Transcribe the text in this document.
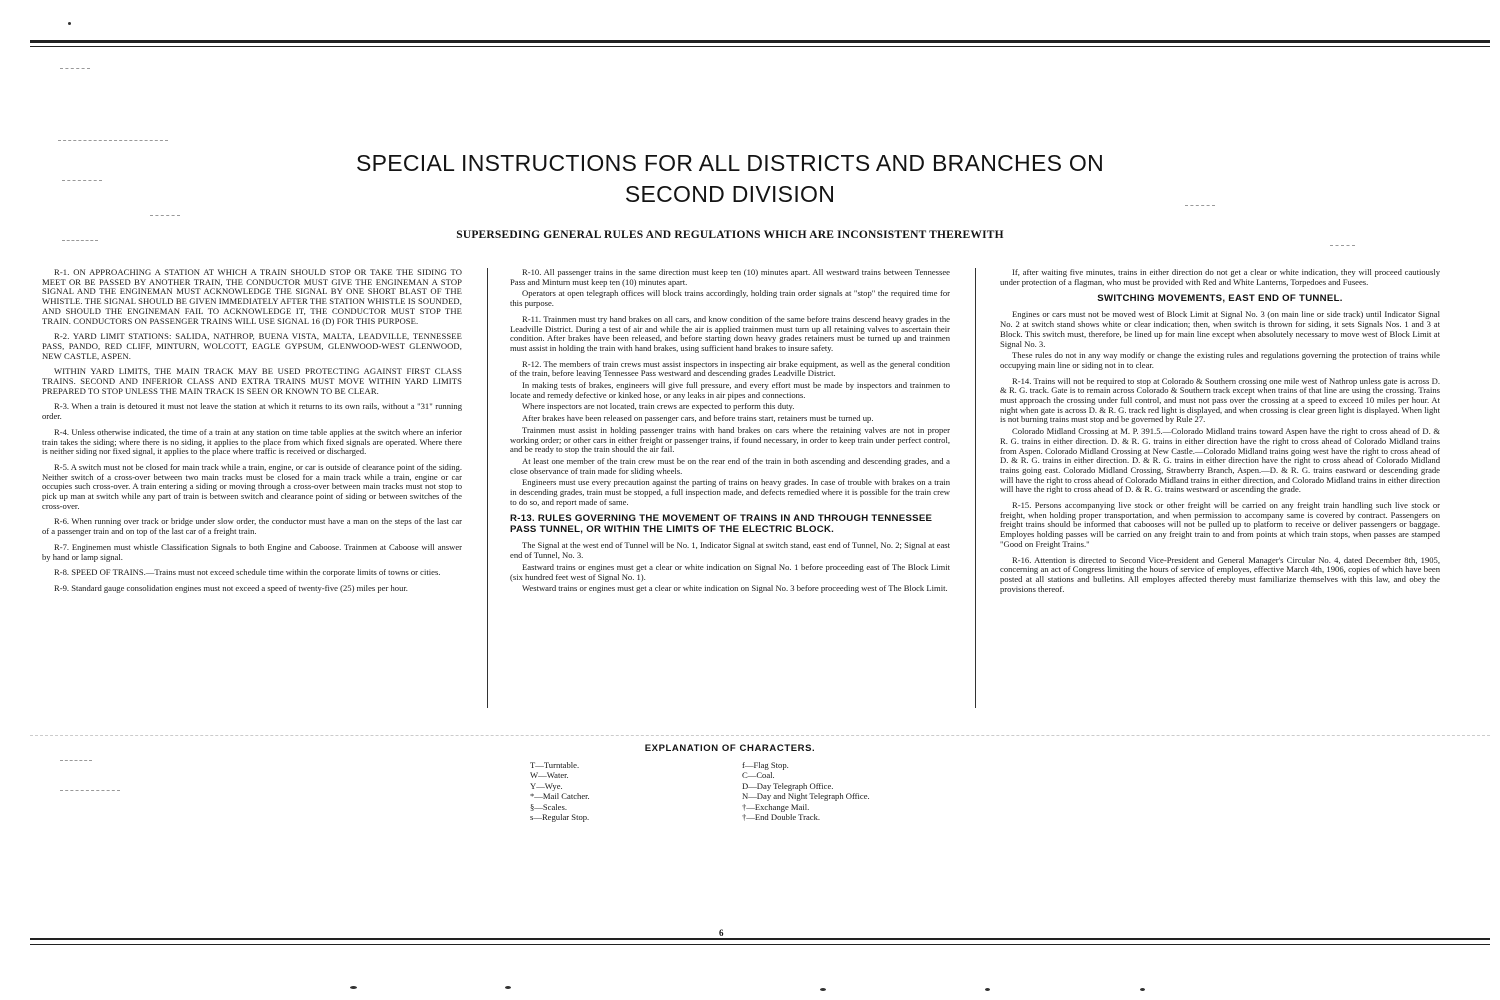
SPECIAL INSTRUCTIONS FOR ALL DISTRICTS AND BRANCHES ON
SECOND DIVISION
SUPERSEDING GENERAL RULES AND REGULATIONS WHICH ARE INCONSISTENT THEREWITH

R-1. ON APPROACHING A STATION AT WHICH A TRAIN SHOULD STOP OR TAKE THE SIDING TO MEET OR BE PASSED BY ANOTHER TRAIN, THE CONDUCTOR MUST GIVE THE ENGINEMAN A STOP SIGNAL AND THE ENGINEMAN MUST ACKNOWLEDGE THE SIGNAL BY ONE SHORT BLAST OF THE WHISTLE. THE SIGNAL SHOULD BE GIVEN IMMEDIATELY AFTER THE STATION WHISTLE IS SOUNDED, AND SHOULD THE ENGINEMAN FAIL TO ACKNOWLEDGE IT, THE CONDUCTOR MUST STOP THE TRAIN. CONDUCTORS ON PASSENGER TRAINS WILL USE SIGNAL 16 (D) FOR THIS PURPOSE.

R-2. YARD LIMIT STATIONS: SALIDA, NATHROP, BUENA VISTA, MALTA, LEADVILLE, TENNESSEE PASS, PANDO, RED CLIFF, MINTURN, WOLCOTT, EAGLE GYPSUM, GLENWOOD-WEST GLENWOOD, NEW CASTLE, ASPEN.

WITHIN YARD LIMITS, THE MAIN TRACK MAY BE USED PROTECTING AGAINST FIRST CLASS TRAINS. SECOND AND INFERIOR CLASS AND EXTRA TRAINS MUST MOVE WITHIN YARD LIMITS PREPARED TO STOP UNLESS THE MAIN TRACK IS SEEN OR KNOWN TO BE CLEAR.

R-3. When a train is detoured it must not leave the station at which it returns to its own rails, without a "31" running order.

R-4. Unless otherwise indicated, the time of a train at any station on time table applies at the switch where an inferior train takes the siding; where there is no siding, it applies to the place from which fixed signals are operated. Where there is neither siding nor fixed signal, it applies to the place where traffic is received or discharged.

R-5. A switch must not be closed for main track while a train, engine, or car is outside of clearance point of the siding. Neither switch of a cross-over between two main tracks must be closed for a main track while a train, engine or car occupies such cross-over. A train entering a siding or moving through a cross-over between main tracks must not stop to pick up man at switch while any part of train is between switch and clearance point of siding or between switches of the cross-over.

R-6. When running over track or bridge under slow order, the conductor must have a man on the steps of the last car of a passenger train and on top of the last car of a freight train.

R-7. Enginemen must whistle Classification Signals to both Engine and Caboose. Trainmen at Caboose will answer by hand or lamp signal.

R-8. SPEED OF TRAINS.—Trains must not exceed schedule time within the corporate limits of towns or cities.

R-9. Standard gauge consolidation engines must not exceed a speed of twenty-five (25) miles per hour.

R-10. All passenger trains in the same direction must keep ten (10) minutes apart. All westward trains between Tennessee Pass and Minturn must keep ten (10) minutes apart.

Operators at open telegraph offices will block trains accordingly, holding train order signals at "stop" the required time for this purpose.

R-11. Trainmen must try hand brakes on all cars, and know condition of the same before trains descend heavy grades in the Leadville District. During a test of air and while the air is applied trainmen must turn up all retaining valves to ascertain their condition. After brakes have been released, and before starting down heavy grades retainers must be turned up and trainmen must assist in holding the train with hand brakes, using sufficient hand brakes to insure safety.

R-12. The members of train crews must assist inspectors in inspecting air brake equipment, as well as the general condition of the train, before leaving Tennessee Pass westward and descending grades Leadville District.

In making tests of brakes, engineers will give full pressure, and every effort must be made by inspectors and trainmen to locate and remedy defective or kinked hose, or any leaks in air pipes and connections.

Where inspectors are not located, train crews are expected to perform this duty.

After brakes have been released on passenger cars, and before trains start, retainers must be turned up.

Trainmen must assist in holding passenger trains with hand brakes on cars where the retaining valves are not in proper working order; or other cars in either freight or passenger trains, if found necessary, in order to keep train under perfect control, and be ready to stop the train should the air fail.

At least one member of the train crew must be on the rear end of the train in both ascending and descending grades, and a close observance of train made for sliding wheels.

Engineers must use every precaution against the parting of trains on heavy grades. In case of trouble with brakes on a train in descending grades, train must be stopped, a full inspection made, and defects remedied where it is possible for the train crew to do so, and report made of same.

R-13. RULES GOVERNING THE MOVEMENT OF TRAINS IN AND THROUGH TENNESSEE PASS TUNNEL, OR WITHIN THE LIMITS OF THE ELECTRIC BLOCK.

The Signal at the west end of Tunnel will be No. 1, Indicator Signal at switch stand, east end of Tunnel, No. 2; Signal at east end of Tunnel, No. 3.

Eastward trains or engines must get a clear or white indication on Signal No. 1 before proceeding east of The Block Limit (six hundred feet west of Signal No. 1).

Westward trains or engines must get a clear or white indication on Signal No. 3 before proceeding west of The Block Limit.

If, after waiting five minutes, trains in either direction do not get a clear or white indication, they will proceed cautiously under protection of a flagman, who must be provided with Red and White Lanterns, Torpedoes and Fusees.

SWITCHING MOVEMENTS, EAST END OF TUNNEL.

Engines or cars must not be moved west of Block Limit at Signal No. 3 (on main line or side track) until Indicator Signal No. 2 at switch stand shows white or clear indication; then, when switch is thrown for siding, it sets Signals Nos. 1 and 3 at Block. This switch must, therefore, be lined up for main line except when absolutely necessary to move west of Block Limit at Signal No. 3.

These rules do not in any way modify or change the existing rules and regulations governing the protection of trains while occupying main line or siding not in to clear.

R-14. Trains will not be required to stop at Colorado & Southern crossing one mile west of Nathrop unless gate is across D. & R. G. track. Gate is to remain across Colorado & Southern track except when trains of that line are using the crossing. Trains must approach the crossing under full control, and must not pass over the crossing at a speed to exceed 10 miles per hour. At night when gate is across D. & R. G. track red light is displayed, and when crossing is clear green light is displayed. When light is not burning trains must stop and be governed by Rule 27.

Colorado Midland Crossing at M. P. 391.5.—Colorado Midland trains toward Aspen have the right to cross ahead of D. & R. G. trains in either direction. D. & R. G. trains in either direction have the right to cross ahead of Colorado Midland trains from Aspen. Colorado Midland Crossing at New Castle.—Colorado Midland trains going west have the right to cross ahead of D. & R. G. trains in either direction. D. & R. G. trains in either direction have the right to cross ahead of Colorado Midland trains going east. Colorado Midland Crossing, Strawberry Branch, Aspen.—D. & R. G. trains eastward or descending grade will have the right to cross ahead of Colorado Midland trains in either direction, and Colorado Midland trains in either direction will have the right to cross ahead of D. & R. G. trains westward or ascending the grade.

R-15. Persons accompanying live stock or other freight will be carried on any freight train handling such live stock or freight, when holding proper transportation, and when permission to accompany same is covered by contract. Passengers on freight trains should be informed that cabooses will not be pulled up to platform to receive or deliver passengers or baggage. Employes holding passes will be carried on any freight train to and from points at which train stops, when passes are stamped "Good on Freight Trains."

R-16. Attention is directed to Second Vice-President and General Manager's Circular No. 4, dated December 8th, 1905, concerning an act of Congress limiting the hours of service of employes, effective March 4th, 1906, copies of which have been posted at all stations and bulletins. All employes affected thereby must familiarize themselves with this law, and obey the provisions thereof.

EXPLANATION OF CHARACTERS.
T—Turntable.
W—Water.
Y—Wye.
*—Mail Catcher.
§—Scales.
s—Regular Stop.
f—Flag Stop.
C—Coal.
D—Day Telegraph Office.
N—Day and Night Telegraph Office.
†—Exchange Mail.
†—End Double Track.
6
